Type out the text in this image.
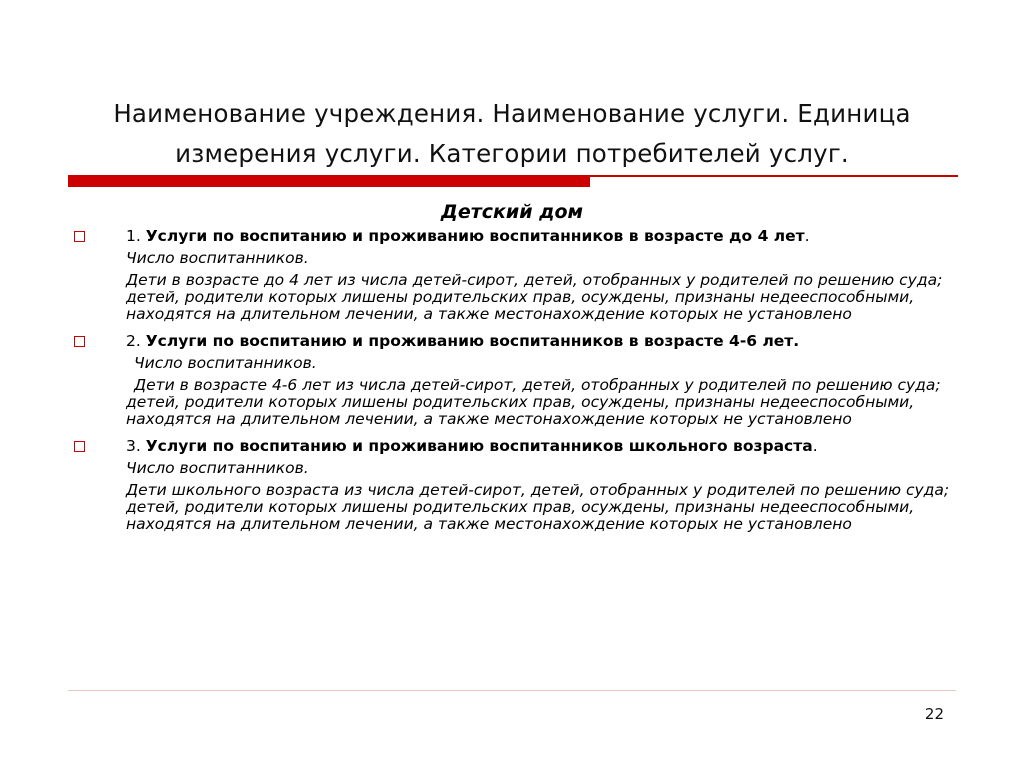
Наименование учреждения. Наименование услуги. Единица измерения услуги. Категории потребителей услуг.
Детский дом
1. Услуги по воспитанию и проживанию воспитанников в возрасте до 4 лет.
Число воспитанников.
Дети в возрасте до 4 лет из числа детей-сирот, детей, отобранных у родителей по решению суда; детей, родители которых лишены родительских прав, осуждены, признаны недееспособными, находятся на длительном лечении, а также местонахождение которых не установлено
2. Услуги по воспитанию и проживанию воспитанников в возрасте 4-6 лет.
Число воспитанников.
Дети в возрасте 4-6 лет из числа детей-сирот, детей, отобранных у родителей по решению суда; детей, родители которых лишены родительских прав, осуждены, признаны недееспособными, находятся на длительном лечении, а также местонахождение которых не установлено
3. Услуги по воспитанию и проживанию воспитанников школьного возраста.
Число воспитанников.
Дети школьного возраста из числа детей-сирот, детей, отобранных у родителей по решению суда; детей, родители которых лишены родительских прав, осуждены, признаны недееспособными, находятся на длительном лечении, а также местонахождение которых не установлено
22
